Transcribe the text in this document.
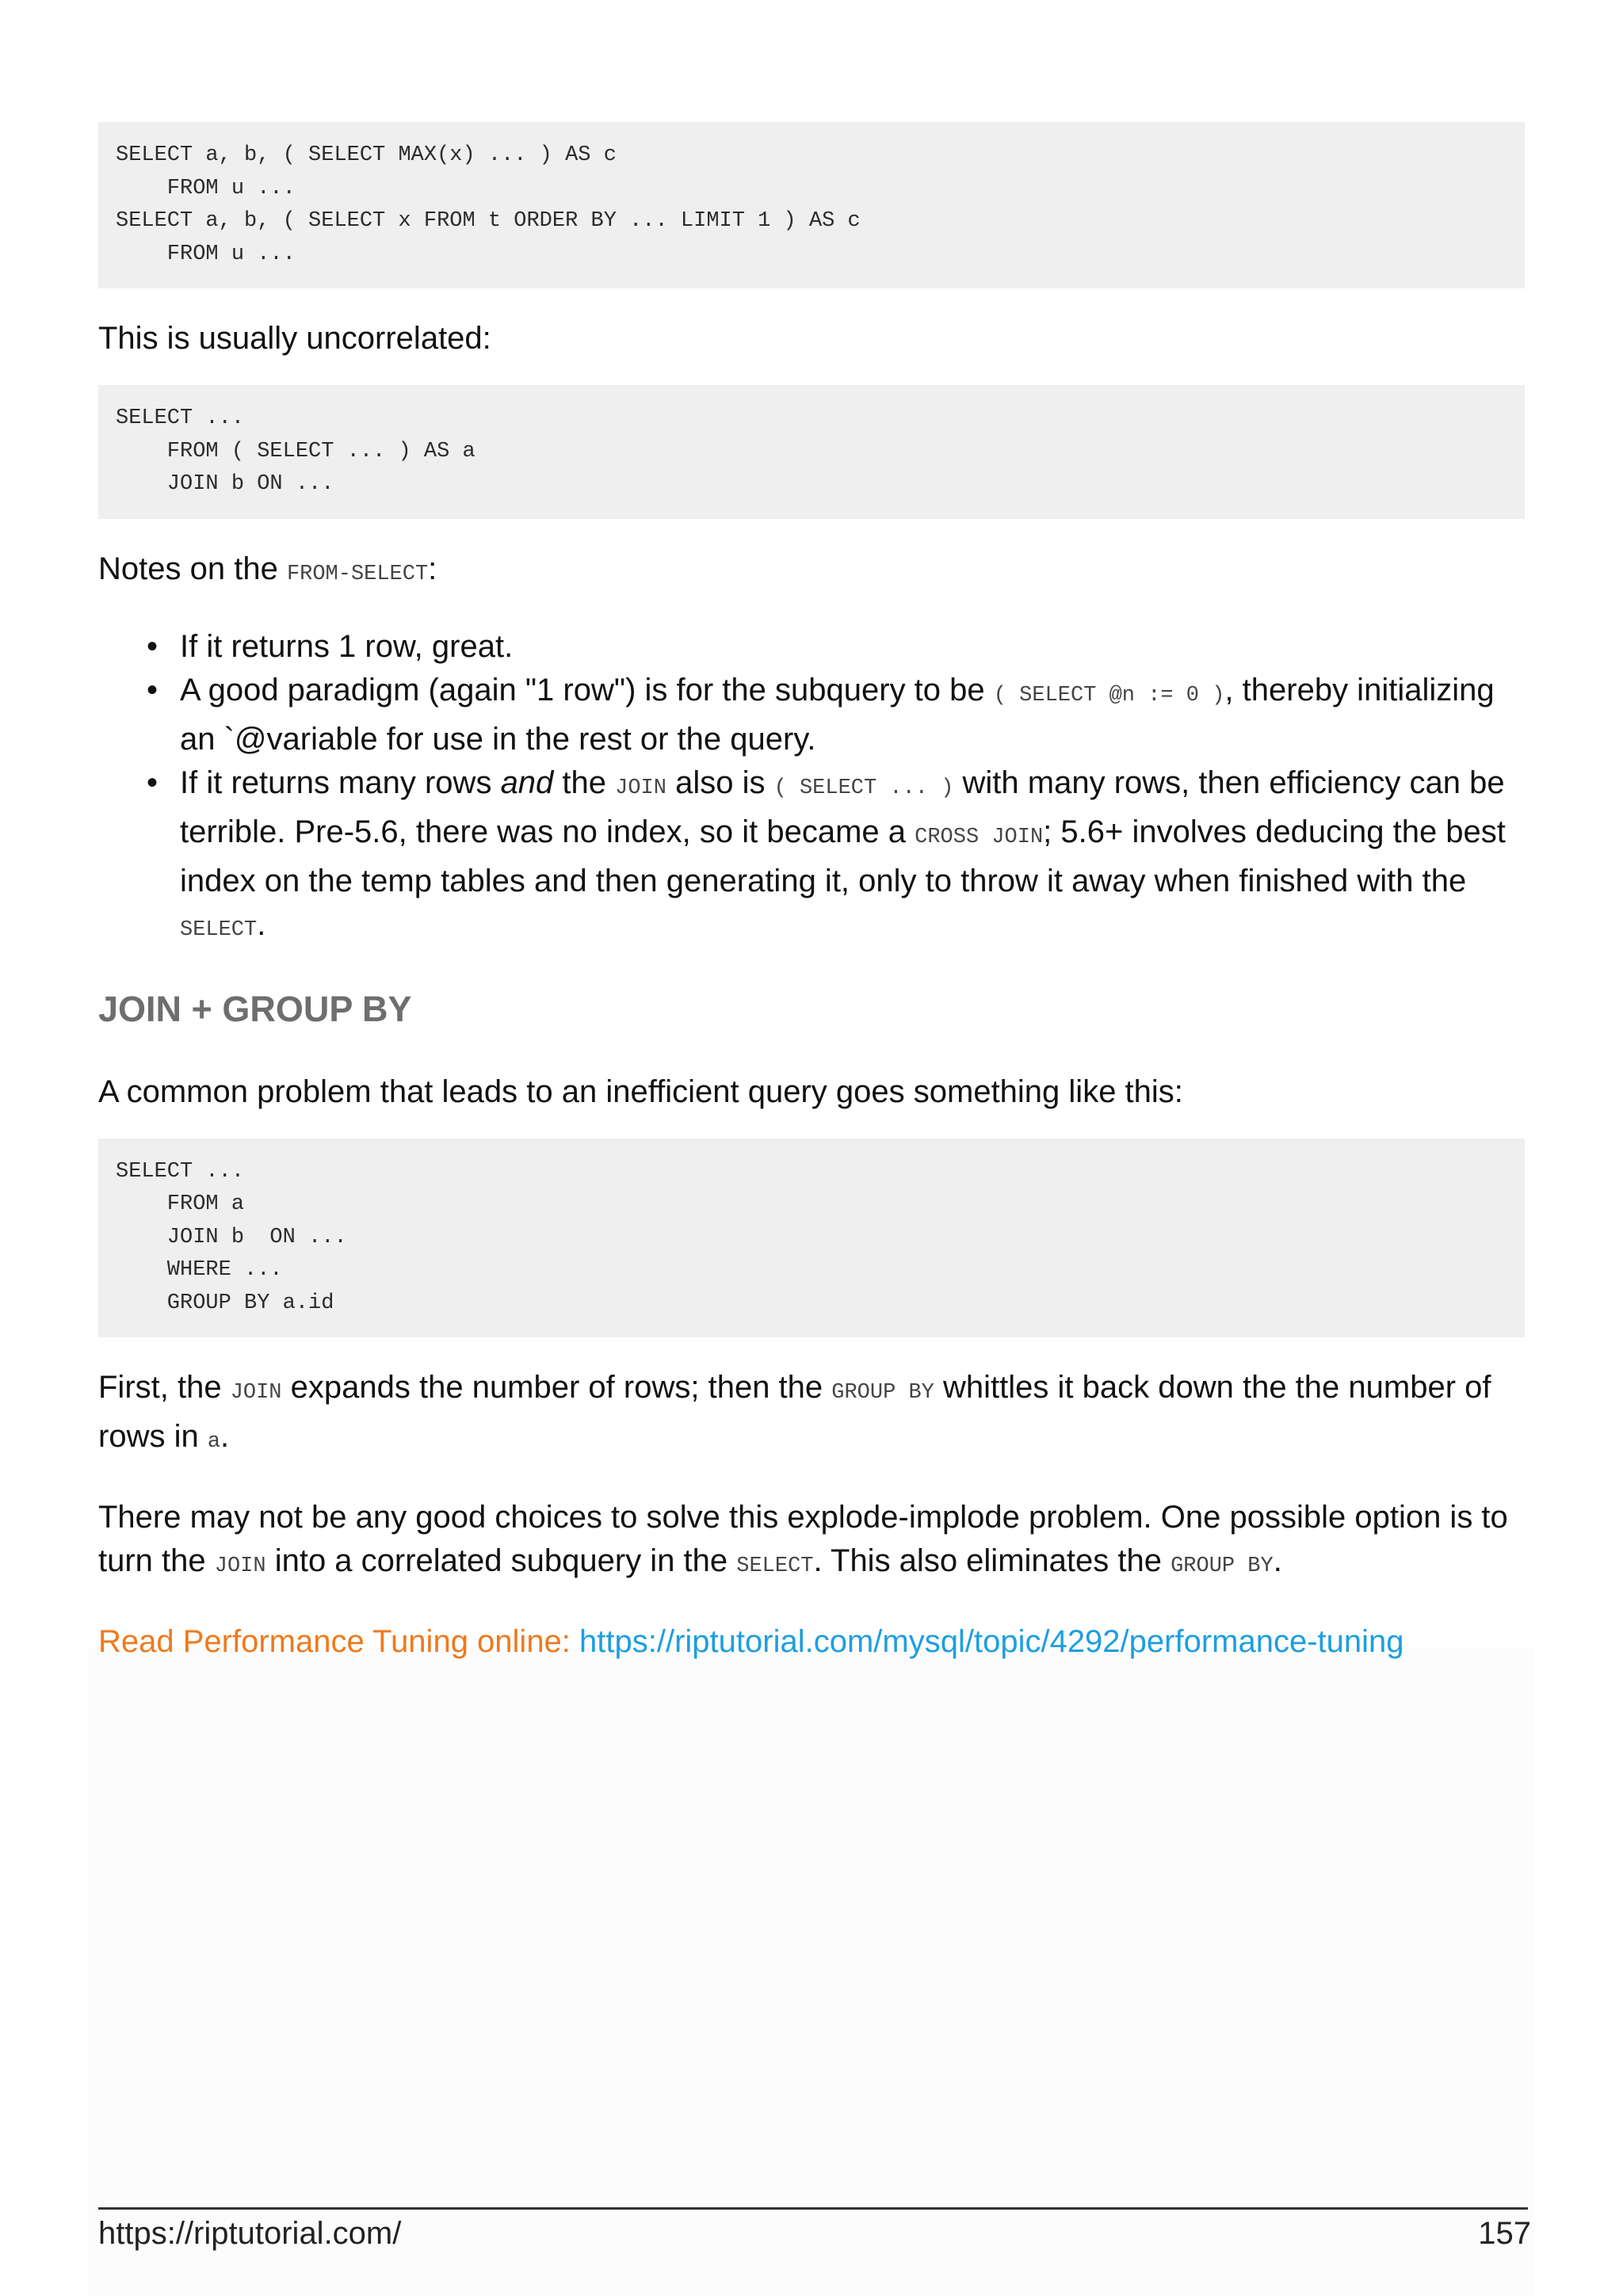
SELECT a, b, ( SELECT MAX(x) ... ) AS c
FROM u ...
SELECT a, b, ( SELECT x FROM t ORDER BY ... LIMIT 1 ) AS c
FROM u ...

This is usually uncorrelated:

SELECT ...
FROM ( SELECT ... ) AS a
JOIN b ON ...

Notes on the FROM-SELECT:

• If it returns 1 row, great.
• A good paradigm (again "1 row") is for the subquery to be ( SELECT @n := 0 ), thereby initializing an `@variable for use in the rest or the query.
• If it returns many rows and the JOIN also is ( SELECT ... ) with many rows, then efficiency can be terrible. Pre-5.6, there was no index, so it became a CROSS JOIN; 5.6+ involves deducing the best index on the temp tables and then generating it, only to throw it away when finished with the SELECT.
JOIN + GROUP BY

A common problem that leads to an inefficient query goes something like this:

SELECT ...
FROM a
JOIN b  ON ...
WHERE ...
GROUP BY a.id

First, the JOIN expands the number of rows; then the GROUP BY whittles it back down the the number of rows in a.

There may not be any good choices to solve this explode-implode problem. One possible option is to turn the JOIN into a correlated subquery in the SELECT. This also eliminates the GROUP BY.

Read Performance Tuning online: https://riptutorial.com/mysql/topic/4292/performance-tuning

https://riptutorial.com/	157
